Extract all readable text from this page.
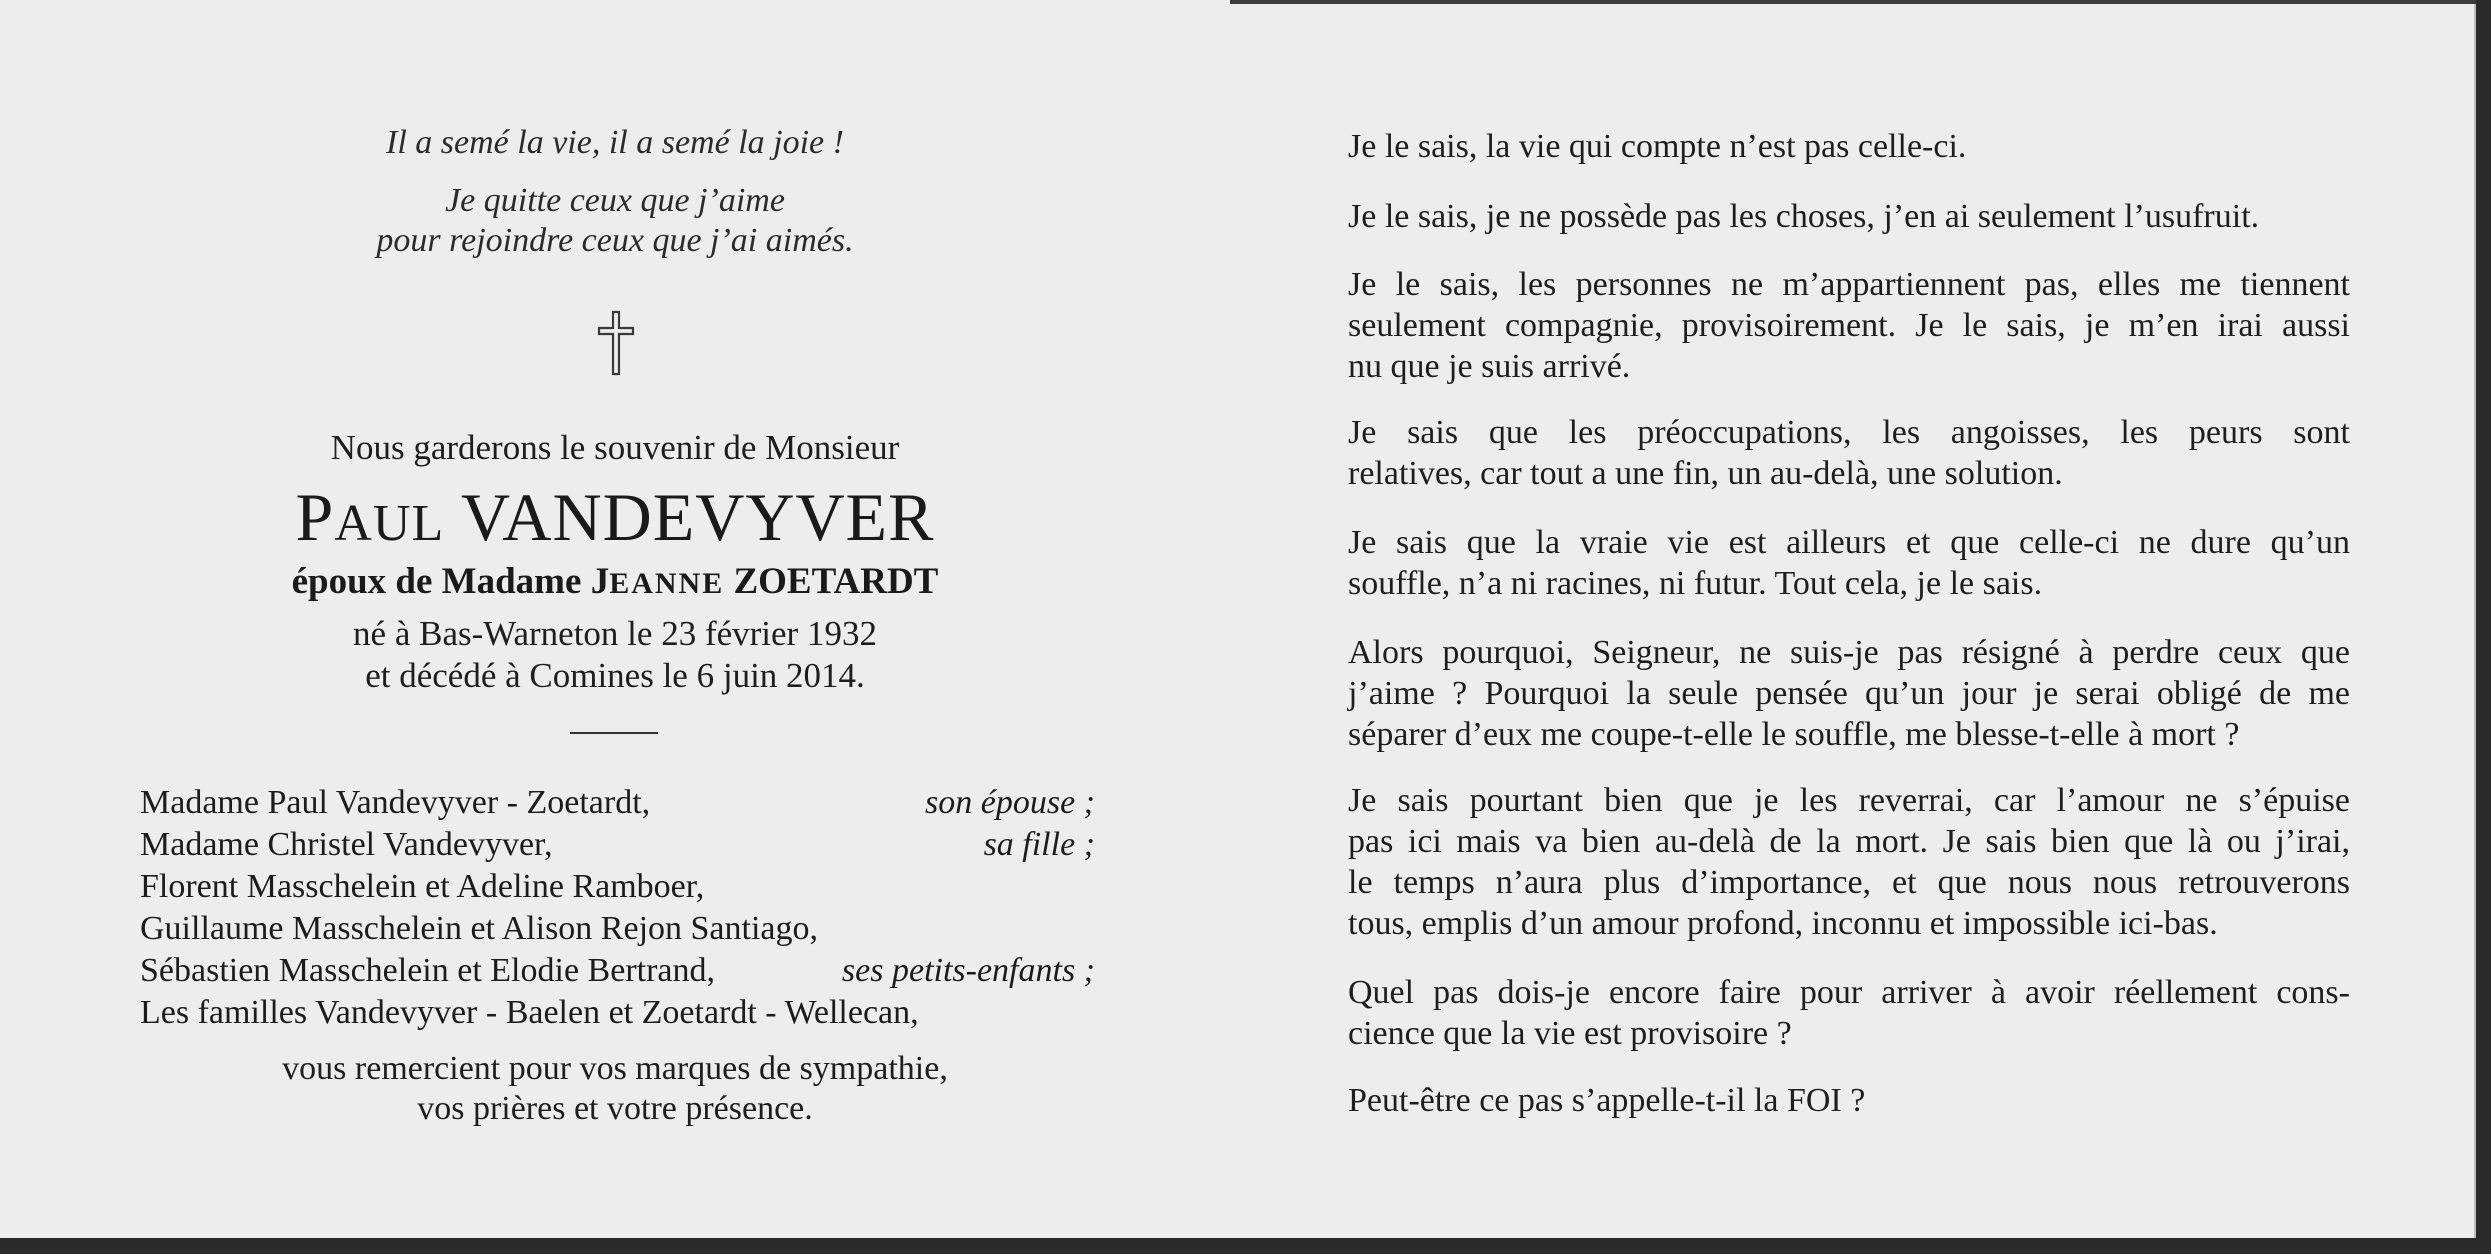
Il a semé la vie, il a semé la joie !
Je quitte ceux que j’aime
pour rejoindre ceux que j’ai aimés.
Nous garderons le souvenir de Monsieur
PAUL VANDEVYVER
époux de Madame JEANNE ZOETARDT
né à Bas-Warneton le 23 février 1932
et décédé à Comines le 6 juin 2014.
Madame Paul Vandevyver - Zoetardt,	son épouse ;
Madame Christel Vandevyver,	sa fille ;
Florent Masschelein et Adeline Ramboer,
Guillaume Masschelein et Alison Rejon Santiago,
Sébastien Masschelein et Elodie Bertrand,	ses petits-enfants ;
Les familles Vandevyver - Baelen et Zoetardt - Wellecan,
vous remercient pour vos marques de sympathie,
vos prières et votre présence.
Je le sais, la vie qui compte n’est pas celle-ci.
Je le sais, je ne possède pas les choses, j’en ai seulement l’usufruit.
Je le sais, les personnes ne m’appartiennent pas, elles me tiennent
seulement compagnie, provisoirement. Je le sais, je m’en irai aussi
nu que je suis arrivé.
Je sais que les préoccupations, les angoisses, les peurs sont
relatives, car tout a une fin, un au-delà, une solution.
Je sais que la vraie vie est ailleurs et que celle-ci ne dure qu’un
souffle, n’a ni racines, ni futur. Tout cela, je le sais.
Alors pourquoi, Seigneur, ne suis-je pas résigné à perdre ceux que
j’aime ? Pourquoi la seule pensée qu’un jour je serai obligé de me
séparer d’eux me coupe-t-elle le souffle, me blesse-t-elle à mort ?
Je sais pourtant bien que je les reverrai, car l’amour ne s’épuise
pas ici mais va bien au-delà de la mort. Je sais bien que là ou j’irai,
le temps n’aura plus d’importance, et que nous nous retrouverons
tous, emplis d’un amour profond, inconnu et impossible ici-bas.
Quel pas dois-je encore faire pour arriver à avoir réellement cons-
cience que la vie est provisoire ?
Peut-être ce pas s’appelle-t-il la FOI ?
